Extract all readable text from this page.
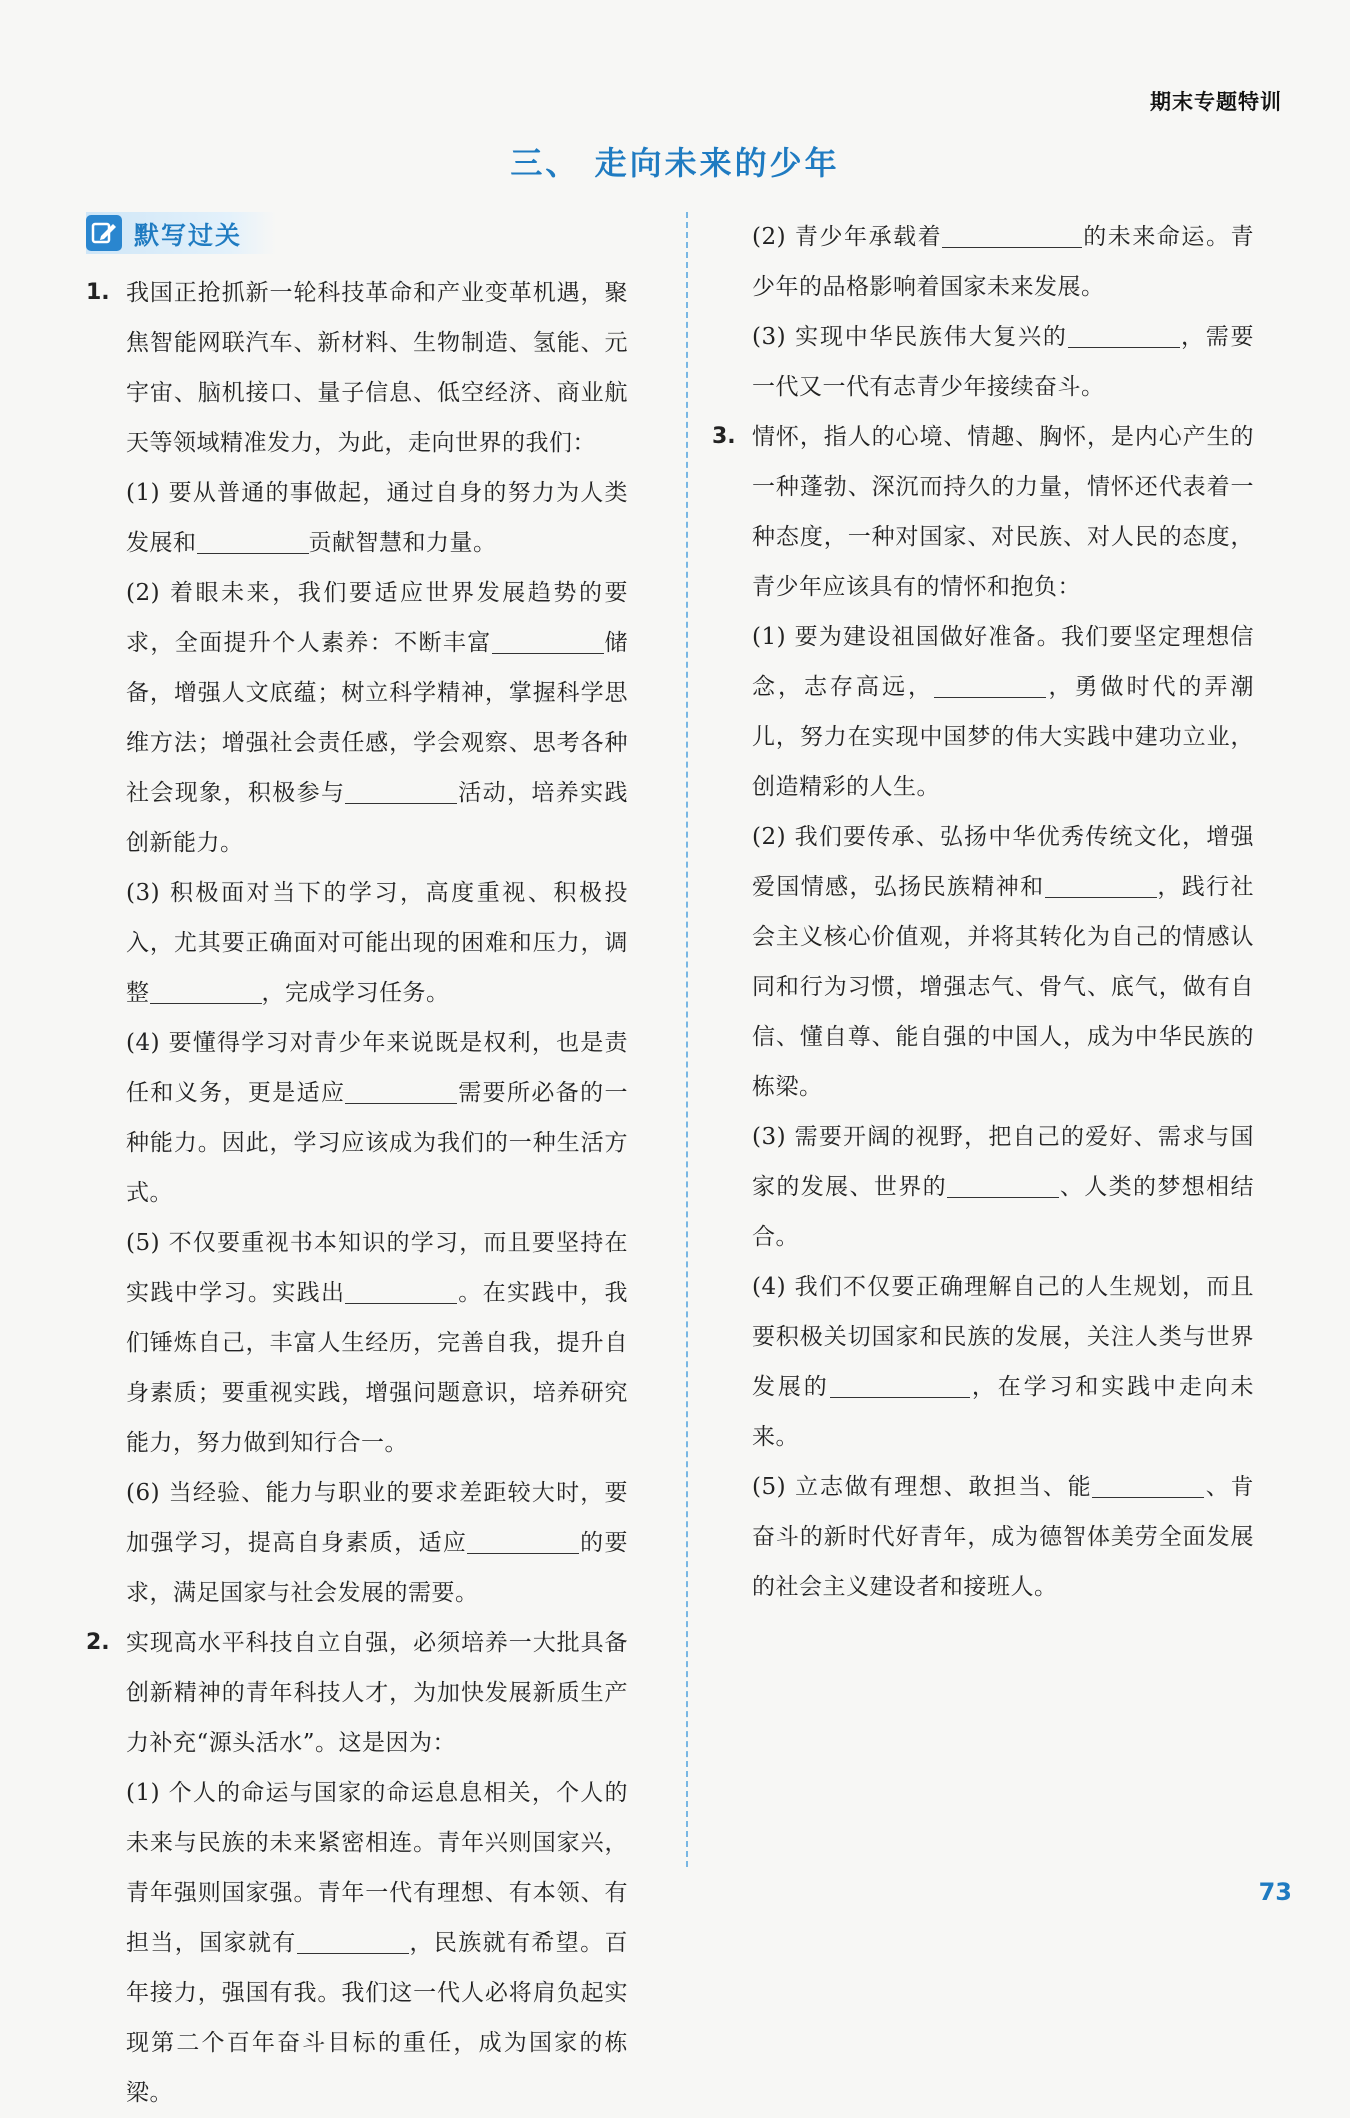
期末专题特训
三、 走向未来的少年
默写过关
1. 我国正抢抓新一轮科技革命和产业变革机遇，聚焦智能网联汽车、新材料、生物制造、氢能、元宇宙、脑机接口、量子信息、低空经济、商业航天等领域精准发力，为此，走向世界的我们：

(1) 要从普通的事做起，通过自身的努力为人类发展和	贡献智慧和力量。

(2) 着眼未来，我们要适应世界发展趋势的要求，全面提升个人素养：不断丰富	储备，增强人文底蕴；树立科学精神，掌握科学思维方法；增强社会责任感，学会观察、思考各种社会现象，积极参与	活动，培养实践创新能力。

(3) 积极面对当下的学习，高度重视、积极投入，尤其要正确面对可能出现的困难和压力，调整	，完成学习任务。

(4) 要懂得学习对青少年来说既是权利，也是责任和义务，更是适应	需要所必备的一种能力。因此，学习应该成为我们的一种生活方式。

(5) 不仅要重视书本知识的学习，而且要坚持在实践中学习。实践出	。在实践中，我们锤炼自己，丰富人生经历，完善自我，提升自身素质；要重视实践，增强问题意识，培养研究能力，努力做到知行合一。

(6) 当经验、能力与职业的要求差距较大时，要加强学习，提高自身素质，适应	的要求，满足国家与社会发展的需要。

2. 实现高水平科技自立自强，必须培养一大批具备创新精神的青年科技人才，为加快发展新质生产力补充“源头活水”。这是因为：

(1) 个人的命运与国家的命运息息相关，个人的未来与民族的未来紧密相连。青年兴则国家兴，青年强则国家强。青年一代有理想、有本领、有担当，国家就有	，民族就有希望。百年接力，强国有我。我们这一代人必将肩负起实现第二个百年奋斗目标的重任，成为国家的栋梁。

(2) 青少年承载着	的未来命运。青少年的品格影响着国家未来发展。

(3) 实现中华民族伟大复兴的	，需要一代又一代有志青少年接续奋斗。

3. 情怀，指人的心境、情趣、胸怀，是内心产生的一种蓬勃、深沉而持久的力量，情怀还代表着一种态度，一种对国家、对民族、对人民的态度，青少年应该具有的情怀和抱负：

(1) 要为建设祖国做好准备。我们要坚定理想信念，志存高远，	，勇做时代的弄潮儿，努力在实现中国梦的伟大实践中建功立业，创造精彩的人生。

(2) 我们要传承、弘扬中华优秀传统文化，增强爱国情感，弘扬民族精神和	，践行社会主义核心价值观，并将其转化为自己的情感认同和行为习惯，增强志气、骨气、底气，做有自信、懂自尊、能自强的中国人，成为中华民族的栋梁。

(3) 需要开阔的视野，把自己的爱好、需求与国家的发展、世界的	、人类的梦想相结合。

(4) 我们不仅要正确理解自己的人生规划，而且要积极关切国家和民族的发展，关注人类与世界发展的	，在学习和实践中走向未来。

(5) 立志做有理想、敢担当、能	、肯奋斗的新时代好青年，成为德智体美劳全面发展的社会主义建设者和接班人。

73
